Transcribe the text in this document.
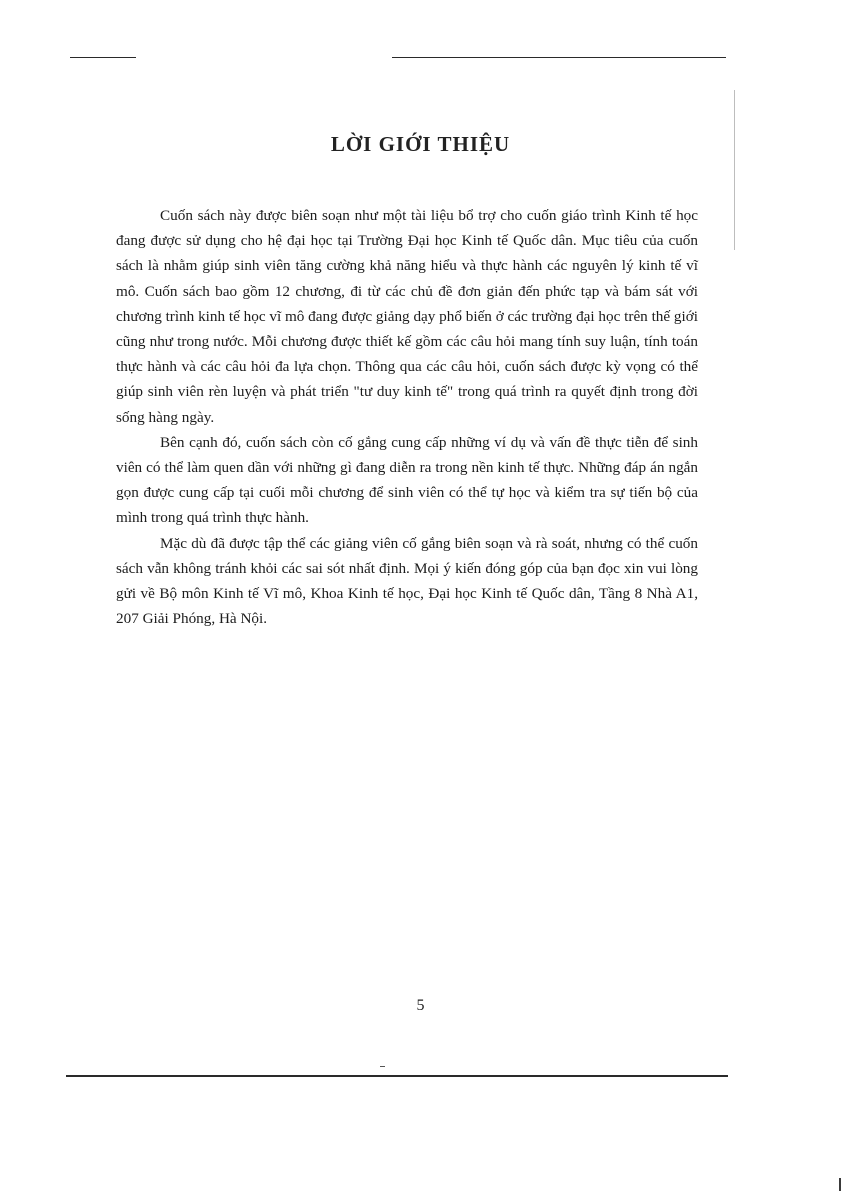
LỜI GIỚI THIỆU

Cuốn sách này được biên soạn như một tài liệu bổ trợ cho cuốn giáo trình Kinh tế học đang được sử dụng cho hệ đại học tại Trường Đại học Kinh tế Quốc dân. Mục tiêu của cuốn sách là nhằm giúp sinh viên tăng cường khả năng hiểu và thực hành các nguyên lý kinh tế vĩ mô. Cuốn sách bao gồm 12 chương, đi từ các chủ đề đơn giản đến phức tạp và bám sát với chương trình kinh tế học vĩ mô đang được giảng dạy phổ biến ở các trường đại học trên thế giới cũng như trong nước. Mỗi chương được thiết kế gồm các câu hỏi mang tính suy luận, tính toán thực hành và các câu hỏi đa lựa chọn. Thông qua các câu hỏi, cuốn sách được kỳ vọng có thể giúp sinh viên rèn luyện và phát triển "tư duy kinh tế" trong quá trình ra quyết định trong đời sống hàng ngày.

Bên cạnh đó, cuốn sách còn cố gắng cung cấp những ví dụ và vấn đề thực tiễn để sinh viên có thể làm quen dần với những gì đang diễn ra trong nền kinh tế thực. Những đáp án ngắn gọn được cung cấp tại cuối mỗi chương để sinh viên có thể tự học và kiểm tra sự tiến bộ của mình trong quá trình thực hành.

Mặc dù đã được tập thể các giảng viên cố gắng biên soạn và rà soát, nhưng có thể cuốn sách vẫn không tránh khỏi các sai sót nhất định. Mọi ý kiến đóng góp của bạn đọc xin vui lòng gửi về Bộ môn Kinh tế Vĩ mô, Khoa Kinh tế học, Đại học Kinh tế Quốc dân, Tầng 8 Nhà A1, 207 Giải Phóng, Hà Nội.

5
